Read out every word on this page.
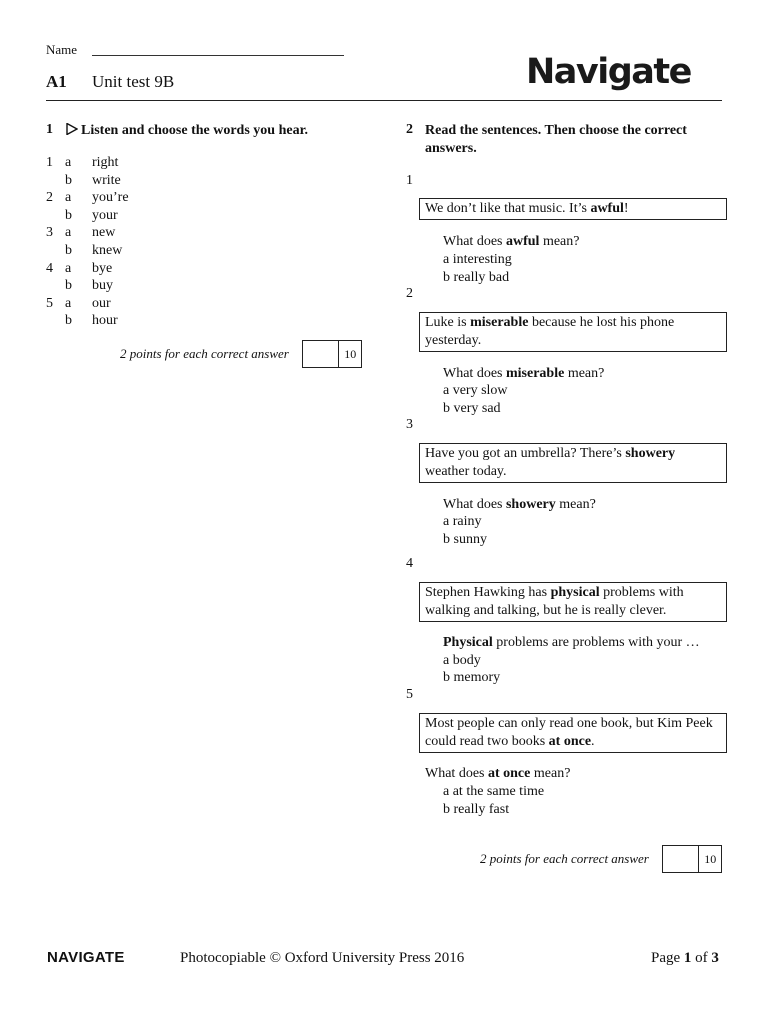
Name
A1 Unit test 9B	Navigate
1	Listen and choose the words you hear.
1 a right
b write
2 a you’re
b your
3 a new
b knew
4 a bye
b buy
5 a our
b hour
2 points for each correct answer	10
2 Read the sentences. Then choose the correct answers.
1
We don’t like that music. It’s awful!
What does awful mean?
a interesting
b really bad
2
Luke is miserable because he lost his phone yesterday.
What does miserable mean?
a very slow
b very sad
3
Have you got an umbrella? There’s showery weather today.
What does showery mean?
a rainy
b sunny
4
Stephen Hawking has physical problems with walking and talking, but he is really clever.
Physical problems are problems with your …
a body
b memory
5
Most people can only read one book, but Kim Peek could read two books at once.
What does at once mean?
a at the same time
b really fast
2 points for each correct answer	10
NAVIGATE	Photocopiable © Oxford University Press 2016	Page 1 of 3
